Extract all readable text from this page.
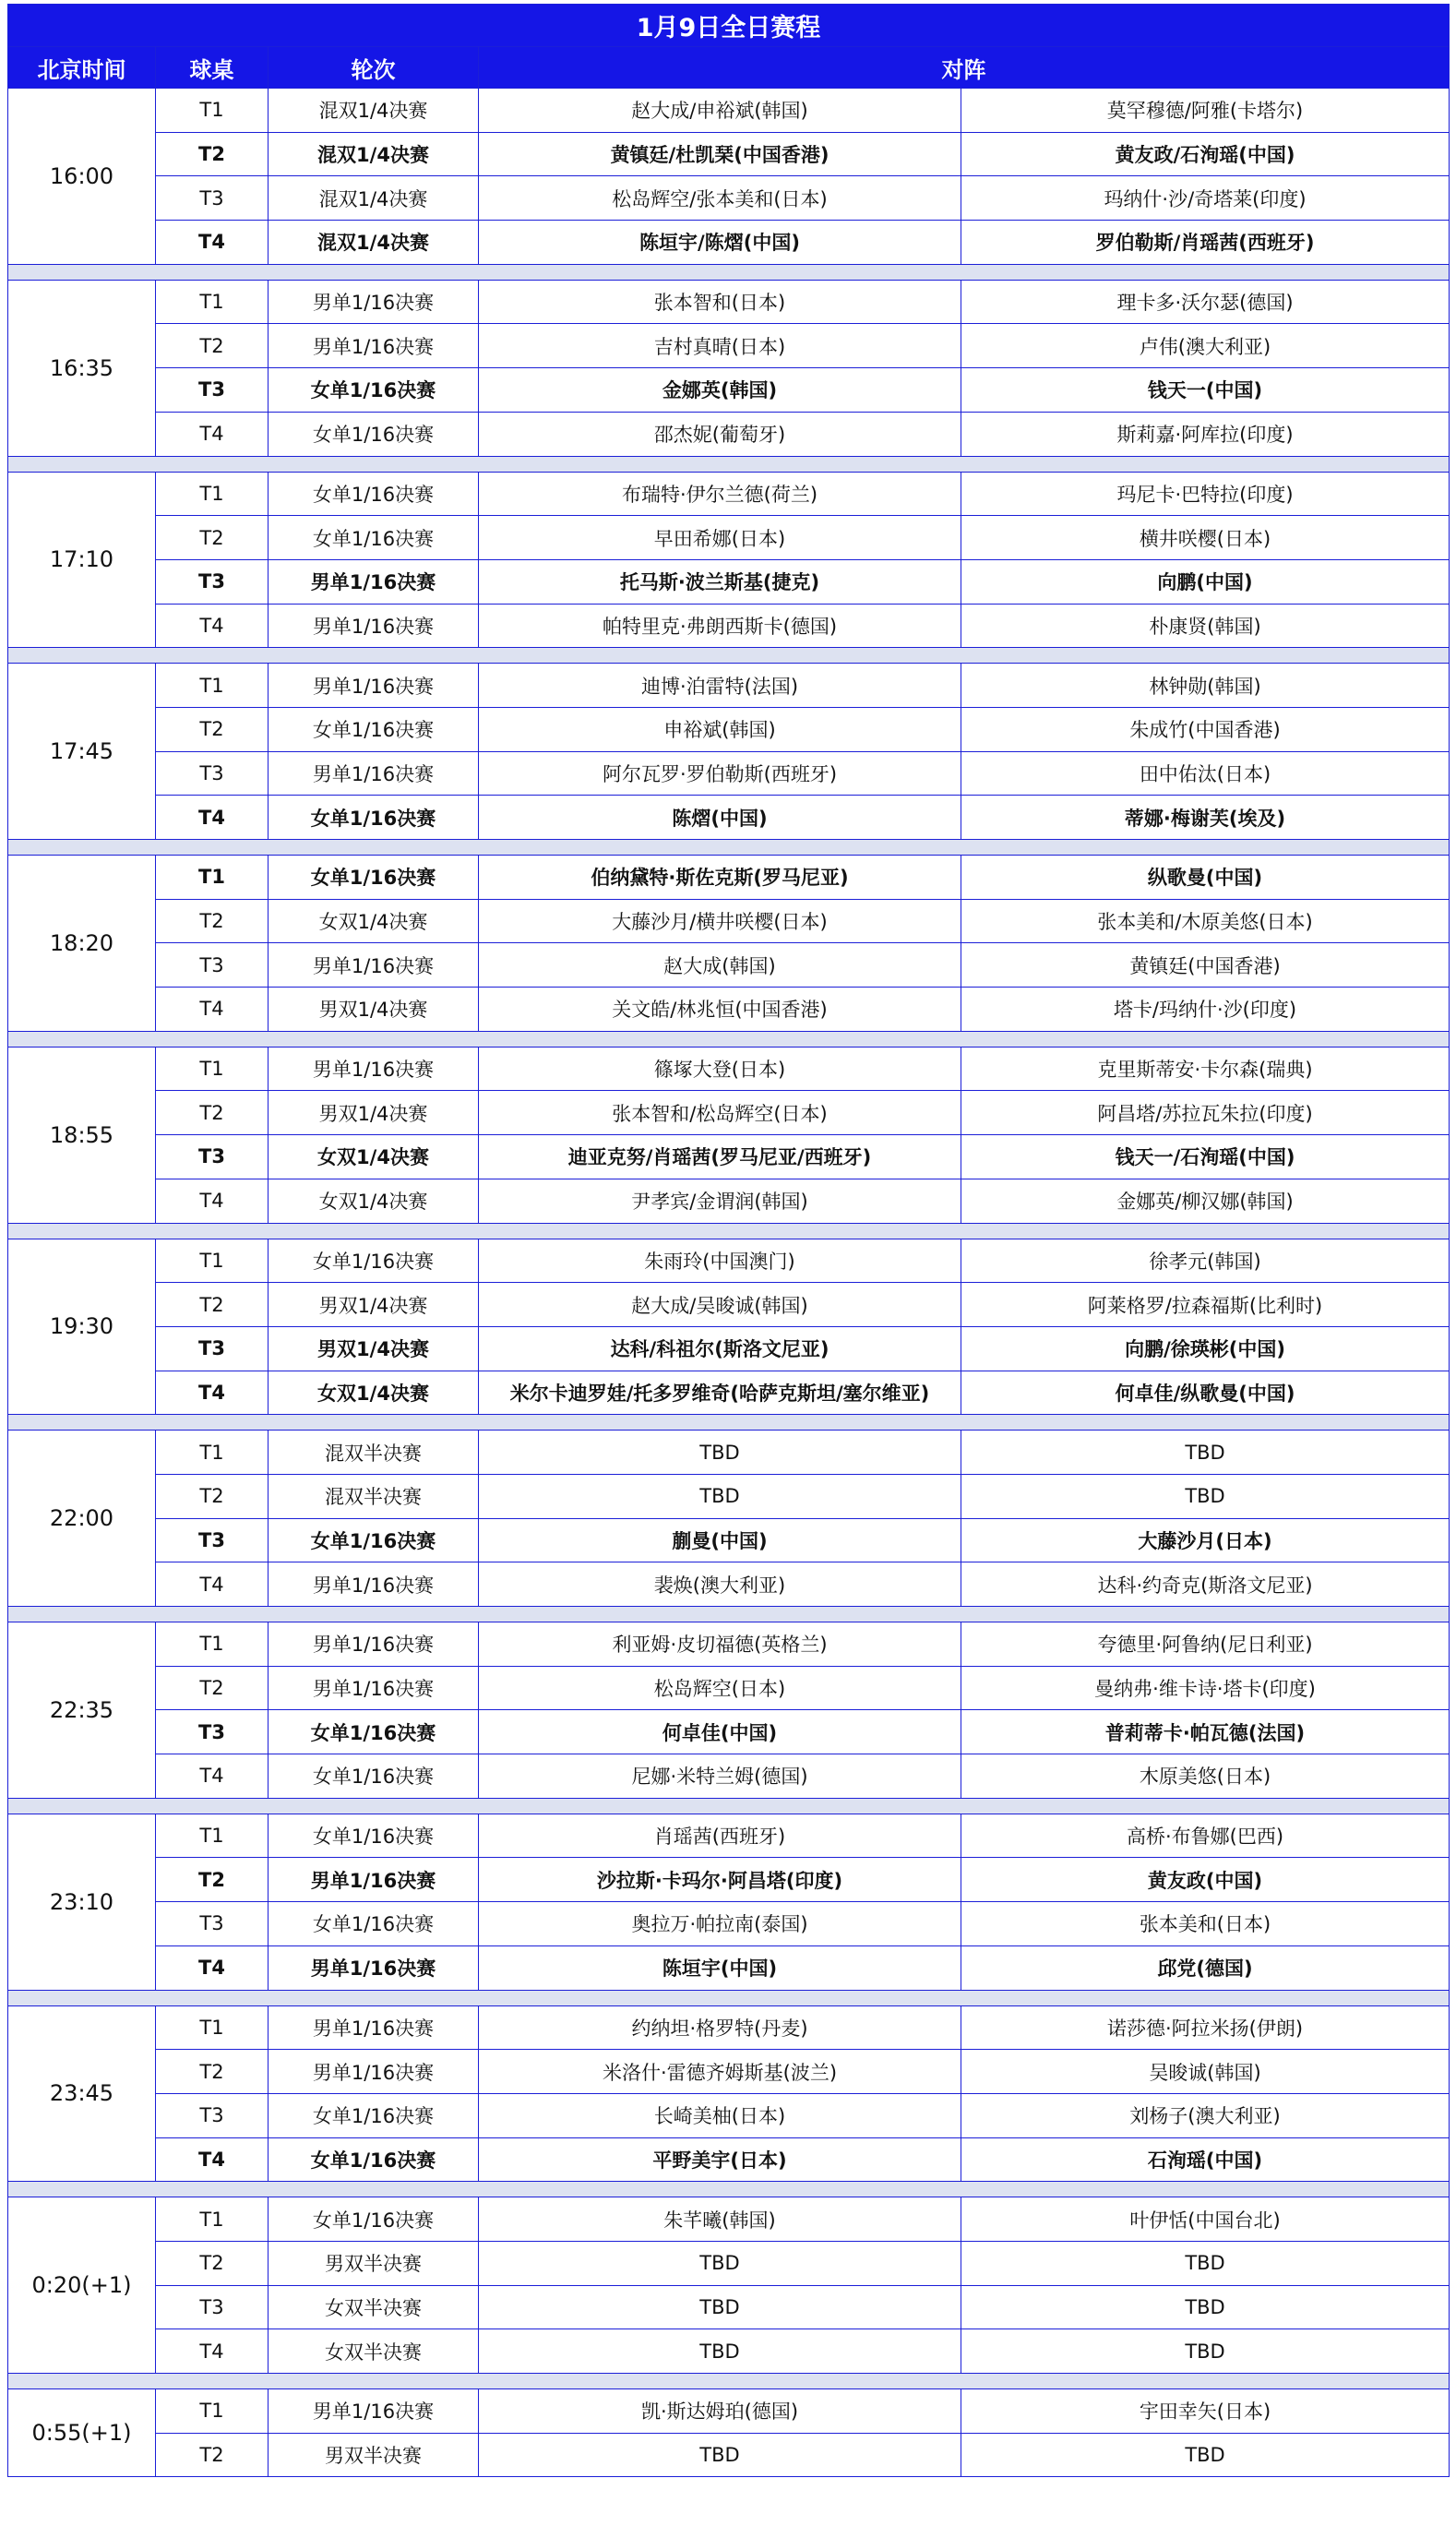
1月9日全日赛程				
北京时间	球桌	轮次	对阵	
16:00	T1	混双1/4决赛	赵大成/申裕斌(韩国)	莫罕穆德/阿雅(卡塔尔)
	T2	混双1/4决赛	黄镇廷/杜凯琹(中国香港)	黄友政/石洵瑶(中国)
	T3	混双1/4决赛	松岛辉空/张本美和(日本)	玛纳什·沙/奇塔莱(印度)
	T4	混双1/4决赛	陈垣宇/陈熠(中国)	罗伯勒斯/肖瑶茜(西班牙)

16:35	T1	男单1/16决赛	张本智和(日本)	理卡多·沃尔瑟(德国)
	T2	男单1/16决赛	吉村真晴(日本)	卢伟(澳大利亚)
	T3	女单1/16决赛	金娜英(韩国)	钱天一(中国)
	T4	女单1/16决赛	邵杰妮(葡萄牙)	斯莉嘉·阿库拉(印度)

17:10	T1	女单1/16决赛	布瑞特·伊尔兰德(荷兰)	玛尼卡·巴特拉(印度)
	T2	女单1/16决赛	早田希娜(日本)	横井咲樱(日本)
	T3	男单1/16决赛	托马斯·波兰斯基(捷克)	向鹏(中国)
	T4	男单1/16决赛	帕特里克·弗朗西斯卡(德国)	朴康贤(韩国)

17:45	T1	男单1/16决赛	迪博·泊雷特(法国)	林钟勋(韩国)
	T2	女单1/16决赛	申裕斌(韩国)	朱成竹(中国香港)
	T3	男单1/16决赛	阿尔瓦罗·罗伯勒斯(西班牙)	田中佑汰(日本)
	T4	女单1/16决赛	陈熠(中国)	蒂娜·梅谢芙(埃及)

18:20	T1	女单1/16决赛	伯纳黛特·斯佐克斯(罗马尼亚)	纵歌曼(中国)
	T2	女双1/4决赛	大藤沙月/横井咲樱(日本)	张本美和/木原美悠(日本)
	T3	男单1/16决赛	赵大成(韩国)	黄镇廷(中国香港)
	T4	男双1/4决赛	关文皓/林兆恒(中国香港)	塔卡/玛纳什·沙(印度)

18:55	T1	男单1/16决赛	篠塚大登(日本)	克里斯蒂安·卡尔森(瑞典)
	T2	男双1/4决赛	张本智和/松岛辉空(日本)	阿昌塔/苏拉瓦朱拉(印度)
	T3	女双1/4决赛	迪亚克努/肖瑶茜(罗马尼亚/西班牙)	钱天一/石洵瑶(中国)
	T4	女双1/4决赛	尹孝宾/金谓润(韩国)	金娜英/柳汉娜(韩国)

19:30	T1	女单1/16决赛	朱雨玲(中国澳门)	徐孝元(韩国)
	T2	男双1/4决赛	赵大成/吴晙诚(韩国)	阿莱格罗/拉森福斯(比利时)
	T3	男双1/4决赛	达科/科祖尔(斯洛文尼亚)	向鹏/徐瑛彬(中国)
	T4	女双1/4决赛	米尔卡迪罗娃/托多罗维奇(哈萨克斯坦/塞尔维亚)	何卓佳/纵歌曼(中国)

22:00	T1	混双半决赛	TBD	TBD
	T2	混双半决赛	TBD	TBD
	T3	女单1/16决赛	蒯曼(中国)	大藤沙月(日本)
	T4	男单1/16决赛	裴焕(澳大利亚)	达科·约奇克(斯洛文尼亚)

22:35	T1	男单1/16决赛	利亚姆·皮切福德(英格兰)	夸德里·阿鲁纳(尼日利亚)
	T2	男单1/16决赛	松岛辉空(日本)	曼纳弗·维卡诗·塔卡(印度)
	T3	女单1/16决赛	何卓佳(中国)	普莉蒂卡·帕瓦德(法国)
	T4	女单1/16决赛	尼娜·米特兰姆(德国)	木原美悠(日本)

23:10	T1	女单1/16决赛	肖瑶茜(西班牙)	高桥·布鲁娜(巴西)
	T2	男单1/16决赛	沙拉斯·卡玛尔·阿昌塔(印度)	黄友政(中国)
	T3	女单1/16决赛	奥拉万·帕拉南(泰国)	张本美和(日本)
	T4	男单1/16决赛	陈垣宇(中国)	邱党(德国)

23:45	T1	男单1/16决赛	约纳坦·格罗特(丹麦)	诺莎德·阿拉米扬(伊朗)
	T2	男单1/16决赛	米洛什·雷德齐姆斯基(波兰)	吴晙诚(韩国)
	T3	女单1/16决赛	长崎美柚(日本)	刘杨子(澳大利亚)
	T4	女单1/16决赛	平野美宇(日本)	石洵瑶(中国)

0:20(+1)	T1	女单1/16决赛	朱芊曦(韩国)	叶伊恬(中国台北)
	T2	男双半决赛	TBD	TBD
	T3	女双半决赛	TBD	TBD
	T4	女双半决赛	TBD	TBD

0:55(+1)	T1	男单1/16决赛	凯·斯达姆珀(德国)	宇田幸矢(日本)
	T2	男双半决赛	TBD	TBD
